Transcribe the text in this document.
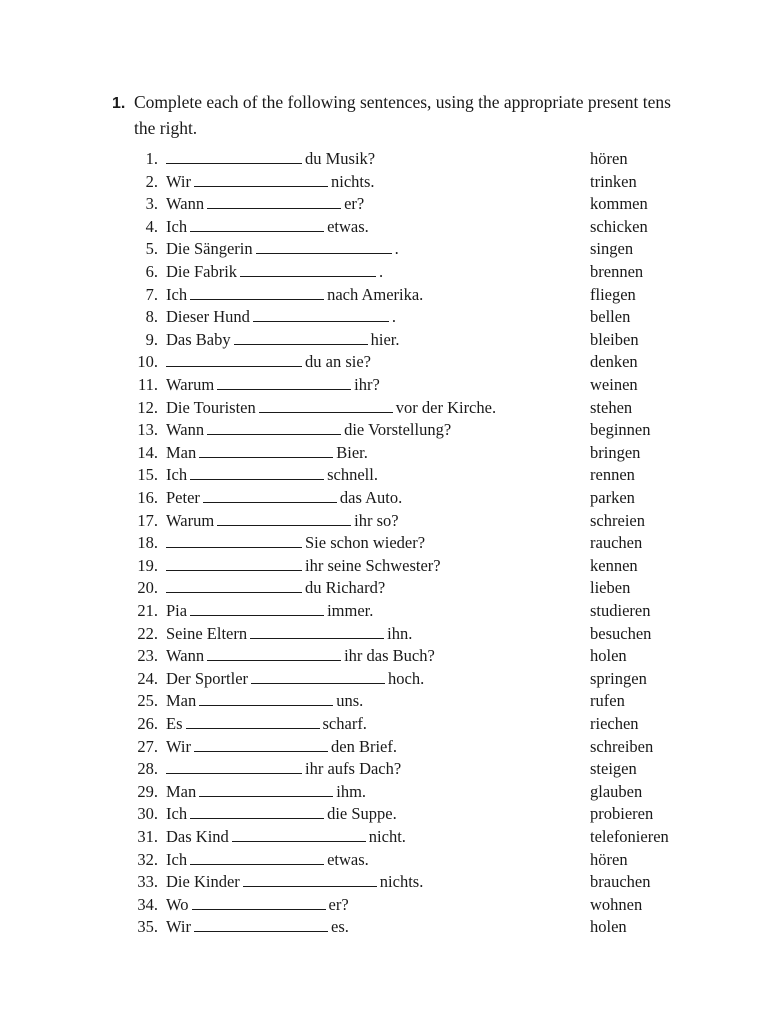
1. Complete each of the following sentences, using the appropriate present tens
the right.
1.	du Musik?	hören
2. Wir	nichts.	trinken
3. Wann	er?	kommen
4. Ich	etwas.	schicken
5. Die Sängerin	.	singen
6. Die Fabrik	.	brennen
7. Ich	nach Amerika.	fliegen
8. Dieser Hund	.	bellen
9. Das Baby	hier.	bleiben
10.	du an sie?	denken
11. Warum	ihr?	weinen
12. Die Touristen	vor der Kirche.	stehen
13. Wann	die Vorstellung?	beginnen
14. Man	Bier.	bringen
15. Ich	schnell.	rennen
16. Peter	das Auto.	parken
17. Warum	ihr so?	schreien
18.	Sie schon wieder?	rauchen
19.	ihr seine Schwester?	kennen
20.	du Richard?	lieben
21. Pia	immer.	studieren
22. Seine Eltern	ihn.	besuchen
23. Wann	ihr das Buch?	holen
24. Der Sportler	hoch.	springen
25. Man	uns.	rufen
26. Es	scharf.	riechen
27. Wir	den Brief.	schreiben
28.	ihr aufs Dach?	steigen
29. Man	ihm.	glauben
30. Ich	die Suppe.	probieren
31. Das Kind	nicht.	telefonieren
32. Ich	etwas.	hören
33. Die Kinder	nichts.	brauchen
34. Wo	er?	wohnen
35. Wir	es.	holen
